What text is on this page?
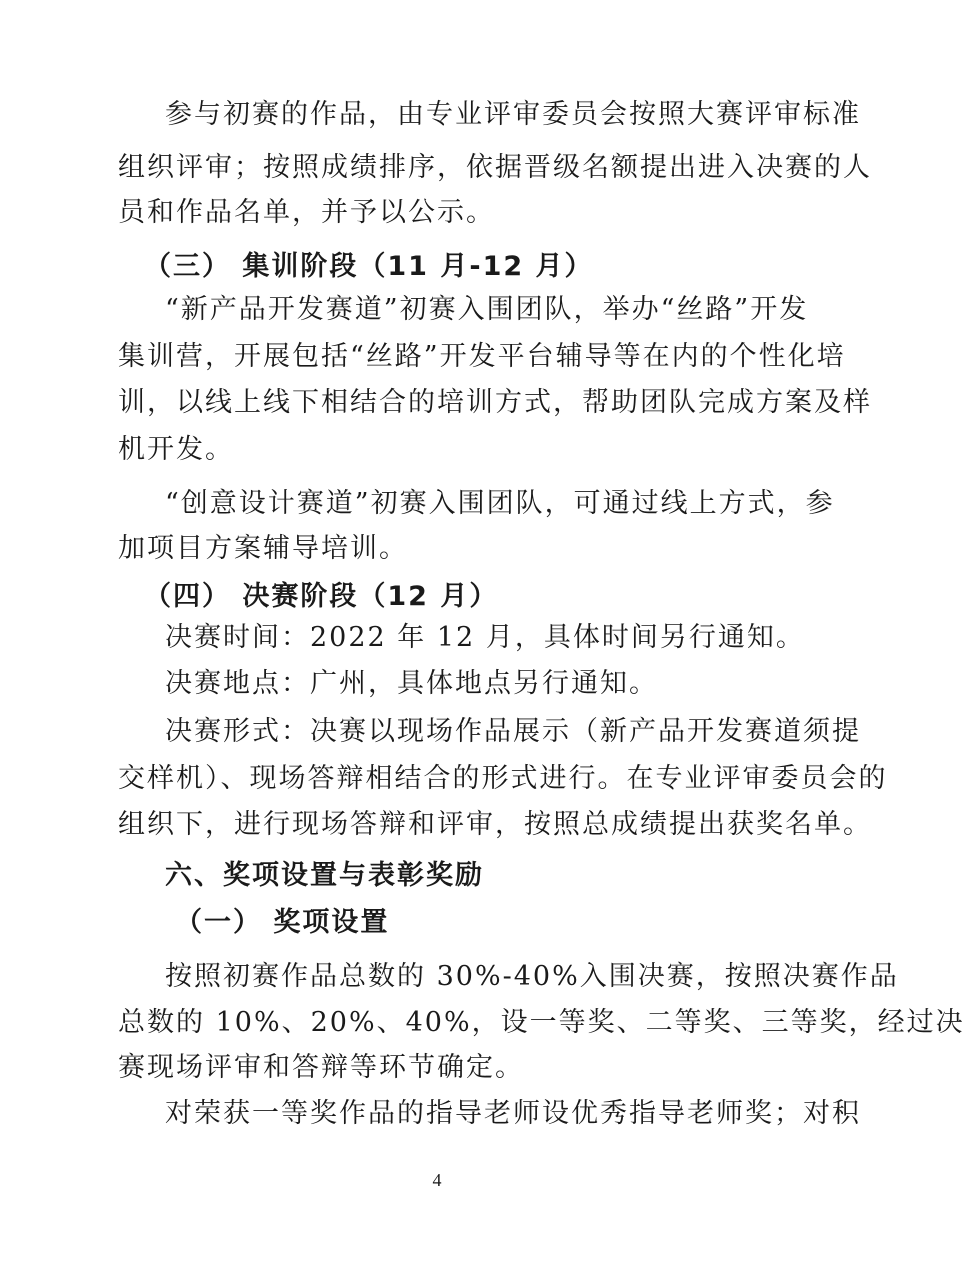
参与初赛的作品，由专业评审委员会按照大赛评审标准
组织评审；按照成绩排序，依据晋级名额提出进入决赛的人
员和作品名单，并予以公示。
（三） 集训阶段（11 月-12 月）
“新产品开发赛道”初赛入围团队，举办“丝路”开发
集训营，开展包括“丝路”开发平台辅导等在内的个性化培
训，以线上线下相结合的培训方式，帮助团队完成方案及样
机开发。
“创意设计赛道”初赛入围团队，可通过线上方式，参
加项目方案辅导培训。
（四） 决赛阶段（12 月）
决赛时间：2022 年 12 月，具体时间另行通知。
决赛地点：广州，具体地点另行通知。
决赛形式：决赛以现场作品展示（新产品开发赛道须提
交样机）、现场答辩相结合的形式进行。在专业评审委员会的
组织下，进行现场答辩和评审，按照总成绩提出获奖名单。
六、奖项设置与表彰奖励
（一） 奖项设置
按照初赛作品总数的 30%-40%入围决赛，按照决赛作品
总数的 10%、20%、40%，设一等奖、二等奖、三等奖，经过决
赛现场评审和答辩等环节确定。
对荣获一等奖作品的指导老师设优秀指导老师奖；对积
4
